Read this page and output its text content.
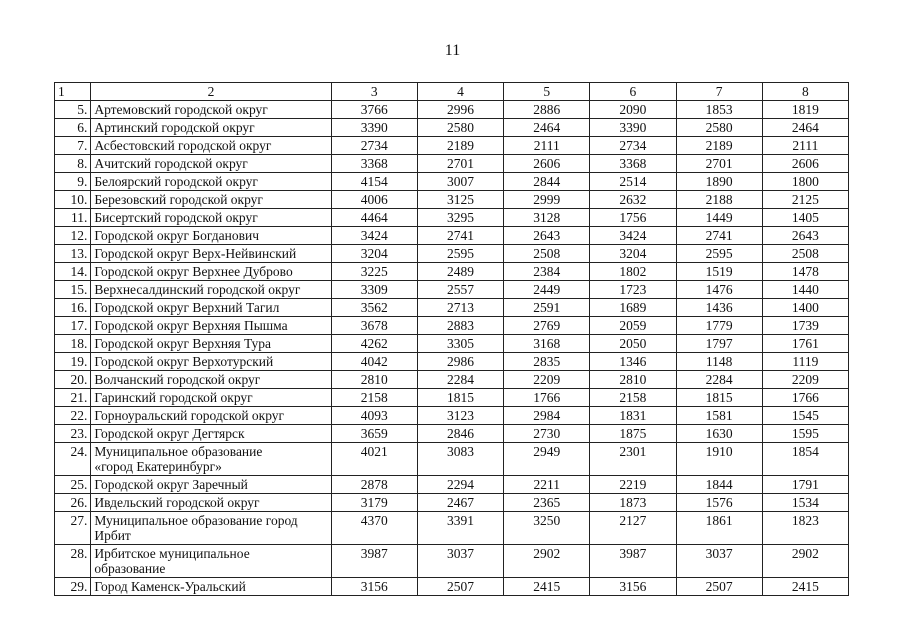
11
1	2	3	4	5	6	7	8
5.	Артемовский городской округ	3766	2996	2886	2090	1853	1819
6.	Артинский городской округ	3390	2580	2464	3390	2580	2464
7.	Асбестовский городской округ	2734	2189	2111	2734	2189	2111
8.	Ачитский городской округ	3368	2701	2606	3368	2701	2606
9.	Белоярский городской округ	4154	3007	2844	2514	1890	1800
10.	Березовский городской округ	4006	3125	2999	2632	2188	2125
11.	Бисертский городской округ	4464	3295	3128	1756	1449	1405
12.	Городской округ Богданович	3424	2741	2643	3424	2741	2643
13.	Городской округ Верх-Нейвинский	3204	2595	2508	3204	2595	2508
14.	Городской округ Верхнее Дуброво	3225	2489	2384	1802	1519	1478
15.	Верхнесалдинский городской округ	3309	2557	2449	1723	1476	1440
16.	Городской округ Верхний Тагил	3562	2713	2591	1689	1436	1400
17.	Городской округ Верхняя Пышма	3678	2883	2769	2059	1779	1739
18.	Городской округ Верхняя Тура	4262	3305	3168	2050	1797	1761
19.	Городской округ Верхотурский	4042	2986	2835	1346	1148	1119
20.	Волчанский городской округ	2810	2284	2209	2810	2284	2209
21.	Гаринский городской округ	2158	1815	1766	2158	1815	1766
22.	Горноуральский городской округ	4093	3123	2984	1831	1581	1545
23.	Городской округ Дегтярск	3659	2846	2730	1875	1630	1595
24.	Муниципальное образование
«город Екатеринбург»	4021	3083	2949	2301	1910	1854
25.	Городской округ Заречный	2878	2294	2211	2219	1844	1791
26.	Ивдельский городской округ	3179	2467	2365	1873	1576	1534
27.	Муниципальное образование город
Ирбит	4370	3391	3250	2127	1861	1823
28.	Ирбитское муниципальное
образование	3987	3037	2902	3987	3037	2902
29.	Город Каменск-Уральский	3156	2507	2415	3156	2507	2415
